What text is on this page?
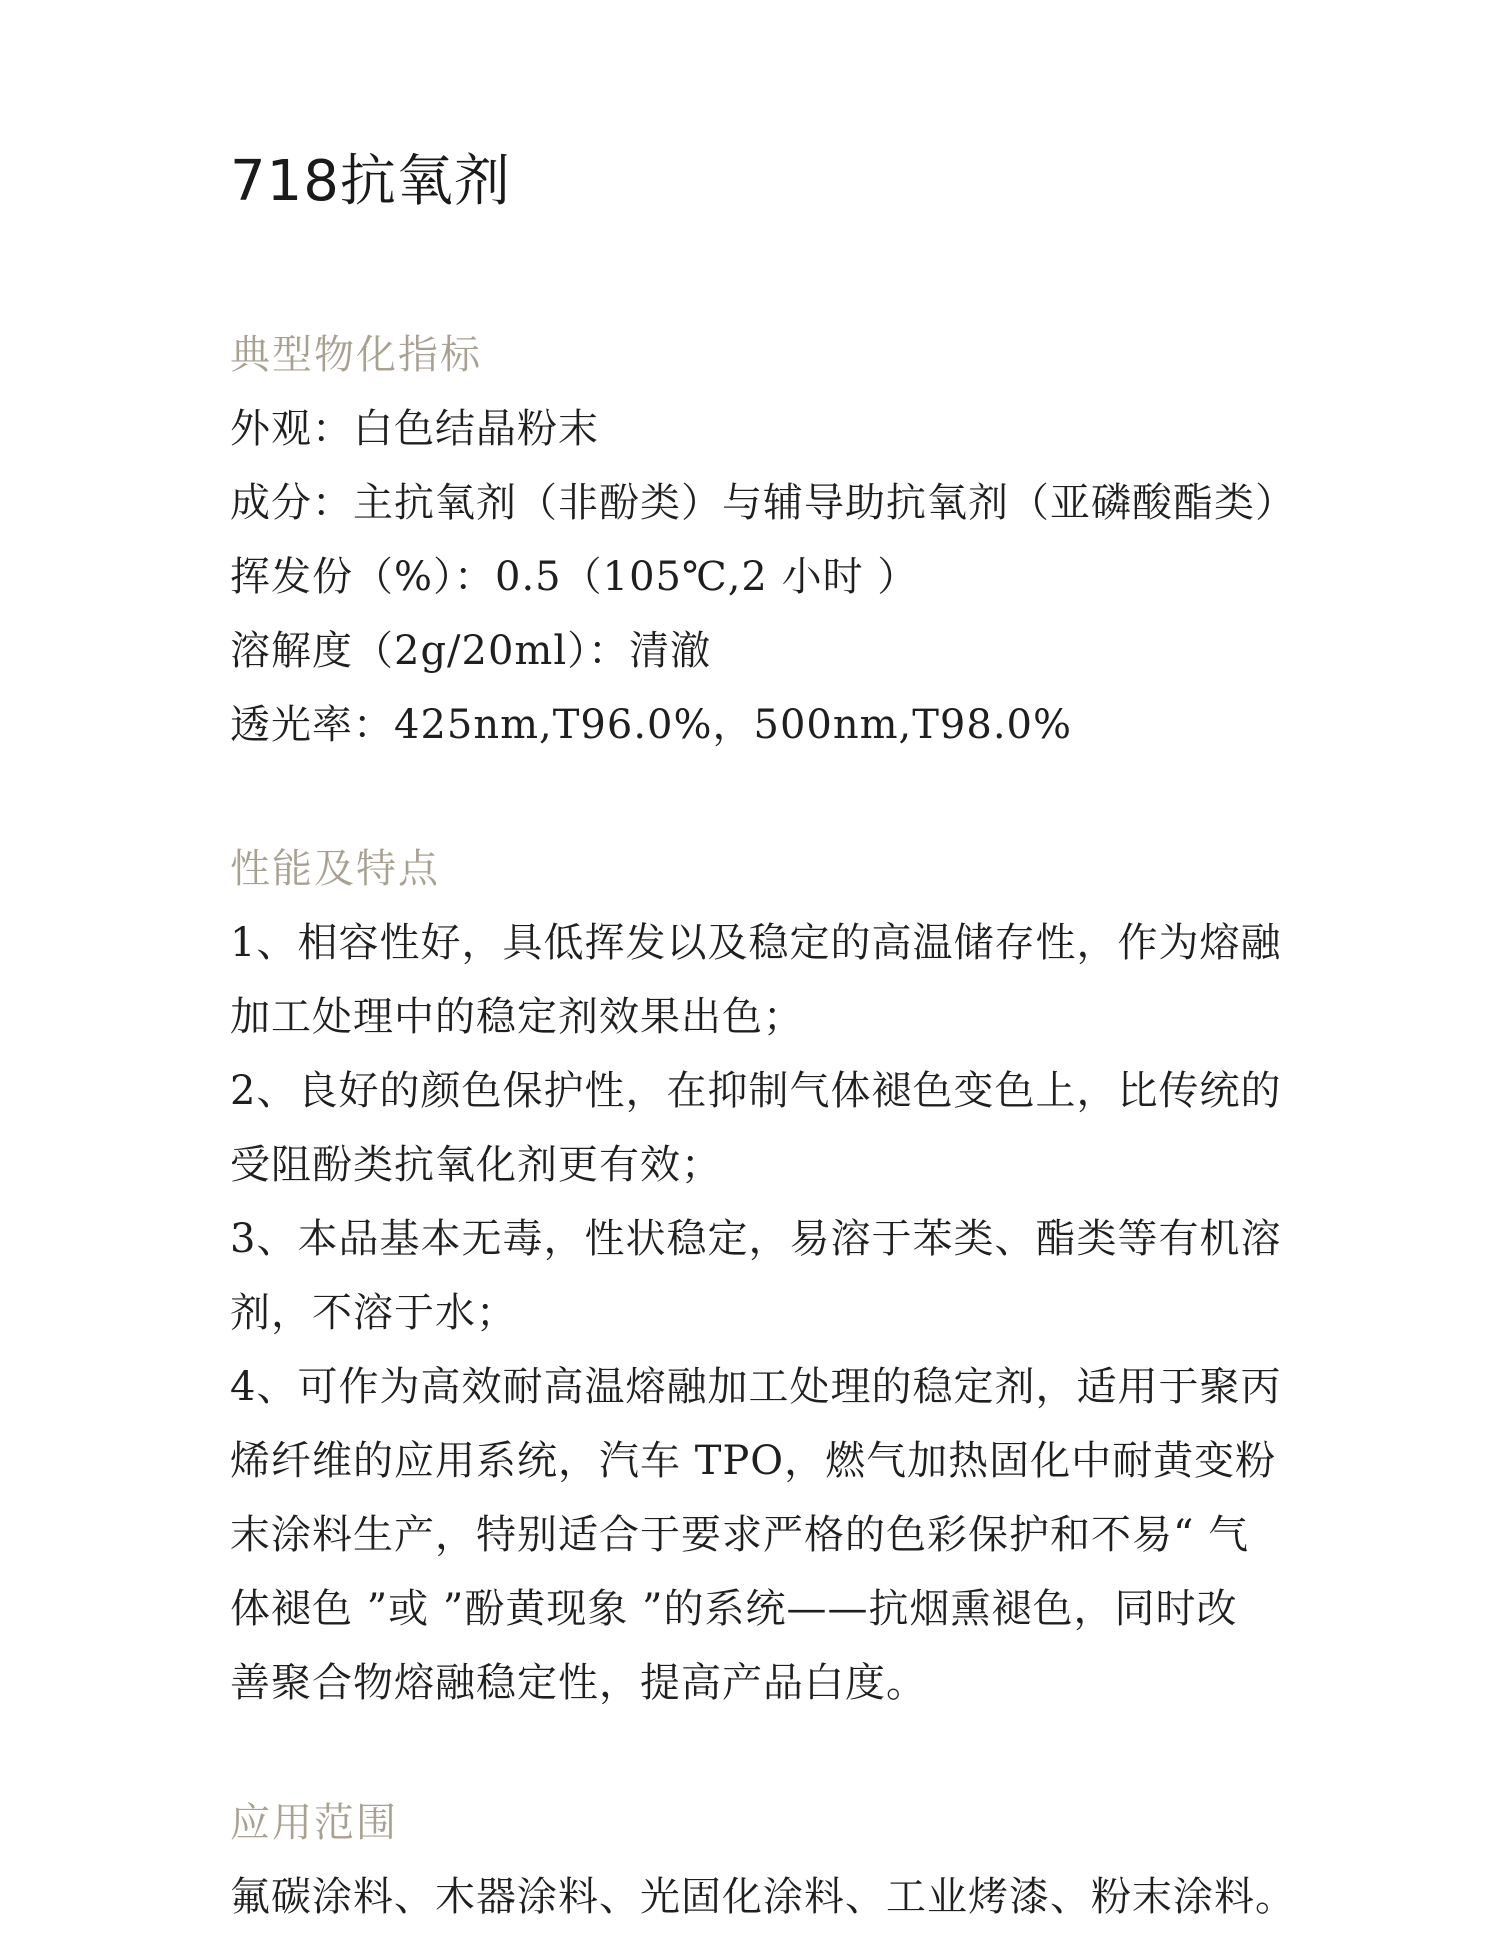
718抗氧剂
典型物化指标
外观：白色结晶粉末
成分：主抗氧剂（非酚类）与辅导助抗氧剂（亚磷酸酯类）
挥发份（%）：0.5（105℃,2 小时 ）
溶解度（2g/20ml）：清澈
透光率：425nm,T96.0%，500nm,T98.0%
性能及特点
1、相容性好，具低挥发以及稳定的高温储存性，作为熔融
加工处理中的稳定剂效果出色；
2、良好的颜色保护性，在抑制气体褪色变色上，比传统的
受阻酚类抗氧化剂更有效；
3、本品基本无毒，性状稳定，易溶于苯类、酯类等有机溶
剂，不溶于水；
4、可作为高效耐高温熔融加工处理的稳定剂，适用于聚丙
烯纤维的应用系统，汽车 TPO，燃气加热固化中耐黄变粉
末涂料生产，特别适合于要求严格的色彩保护和不易“ 气
体褪色 ”或 ”酚黄现象 ”的系统——抗烟熏褪色，同时改
善聚合物熔融稳定性，提高产品白度。
应用范围
氟碳涂料、木器涂料、光固化涂料、工业烤漆、粉末涂料。
